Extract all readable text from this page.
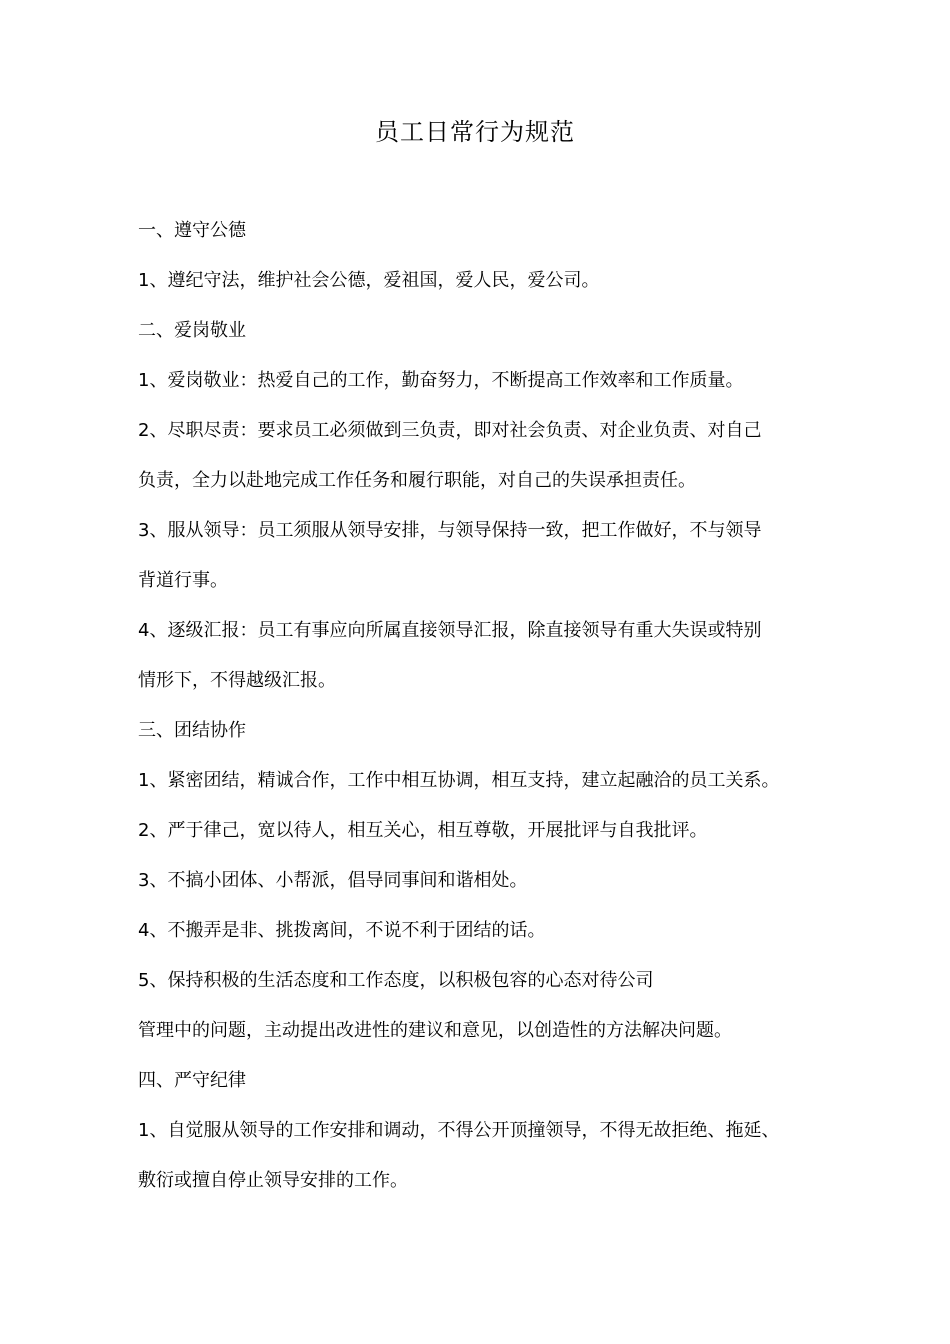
员工日常行为规范
一、遵守公德
1、遵纪守法，维护社会公德，爱祖国，爱人民，爱公司。
二、爱岗敬业
1、爱岗敬业：热爱自己的工作，勤奋努力，不断提高工作效率和工作质量。
2、尽职尽责：要求员工必须做到三负责，即对社会负责、对企业负责、对自己
负责，全力以赴地完成工作任务和履行职能，对自己的失误承担责任。
3、服从领导：员工须服从领导安排，与领导保持一致，把工作做好，不与领导
背道行事。
4、逐级汇报：员工有事应向所属直接领导汇报，除直接领导有重大失误或特别
情形下，不得越级汇报。
三、团结协作
1、紧密团结，精诚合作，工作中相互协调，相互支持，建立起融洽的员工关系。
2、严于律己，宽以待人，相互关心，相互尊敬，开展批评与自我批评。
3、不搞小团体、小帮派，倡导同事间和谐相处。
4、不搬弄是非、挑拨离间，不说不利于团结的话。
5、保持积极的生活态度和工作态度，以积极包容的心态对待公司
管理中的问题，主动提出改进性的建议和意见，以创造性的方法解决问题。
四、严守纪律
1、自觉服从领导的工作安排和调动，不得公开顶撞领导，不得无故拒绝、拖延、
敷衍或擅自停止领导安排的工作。
